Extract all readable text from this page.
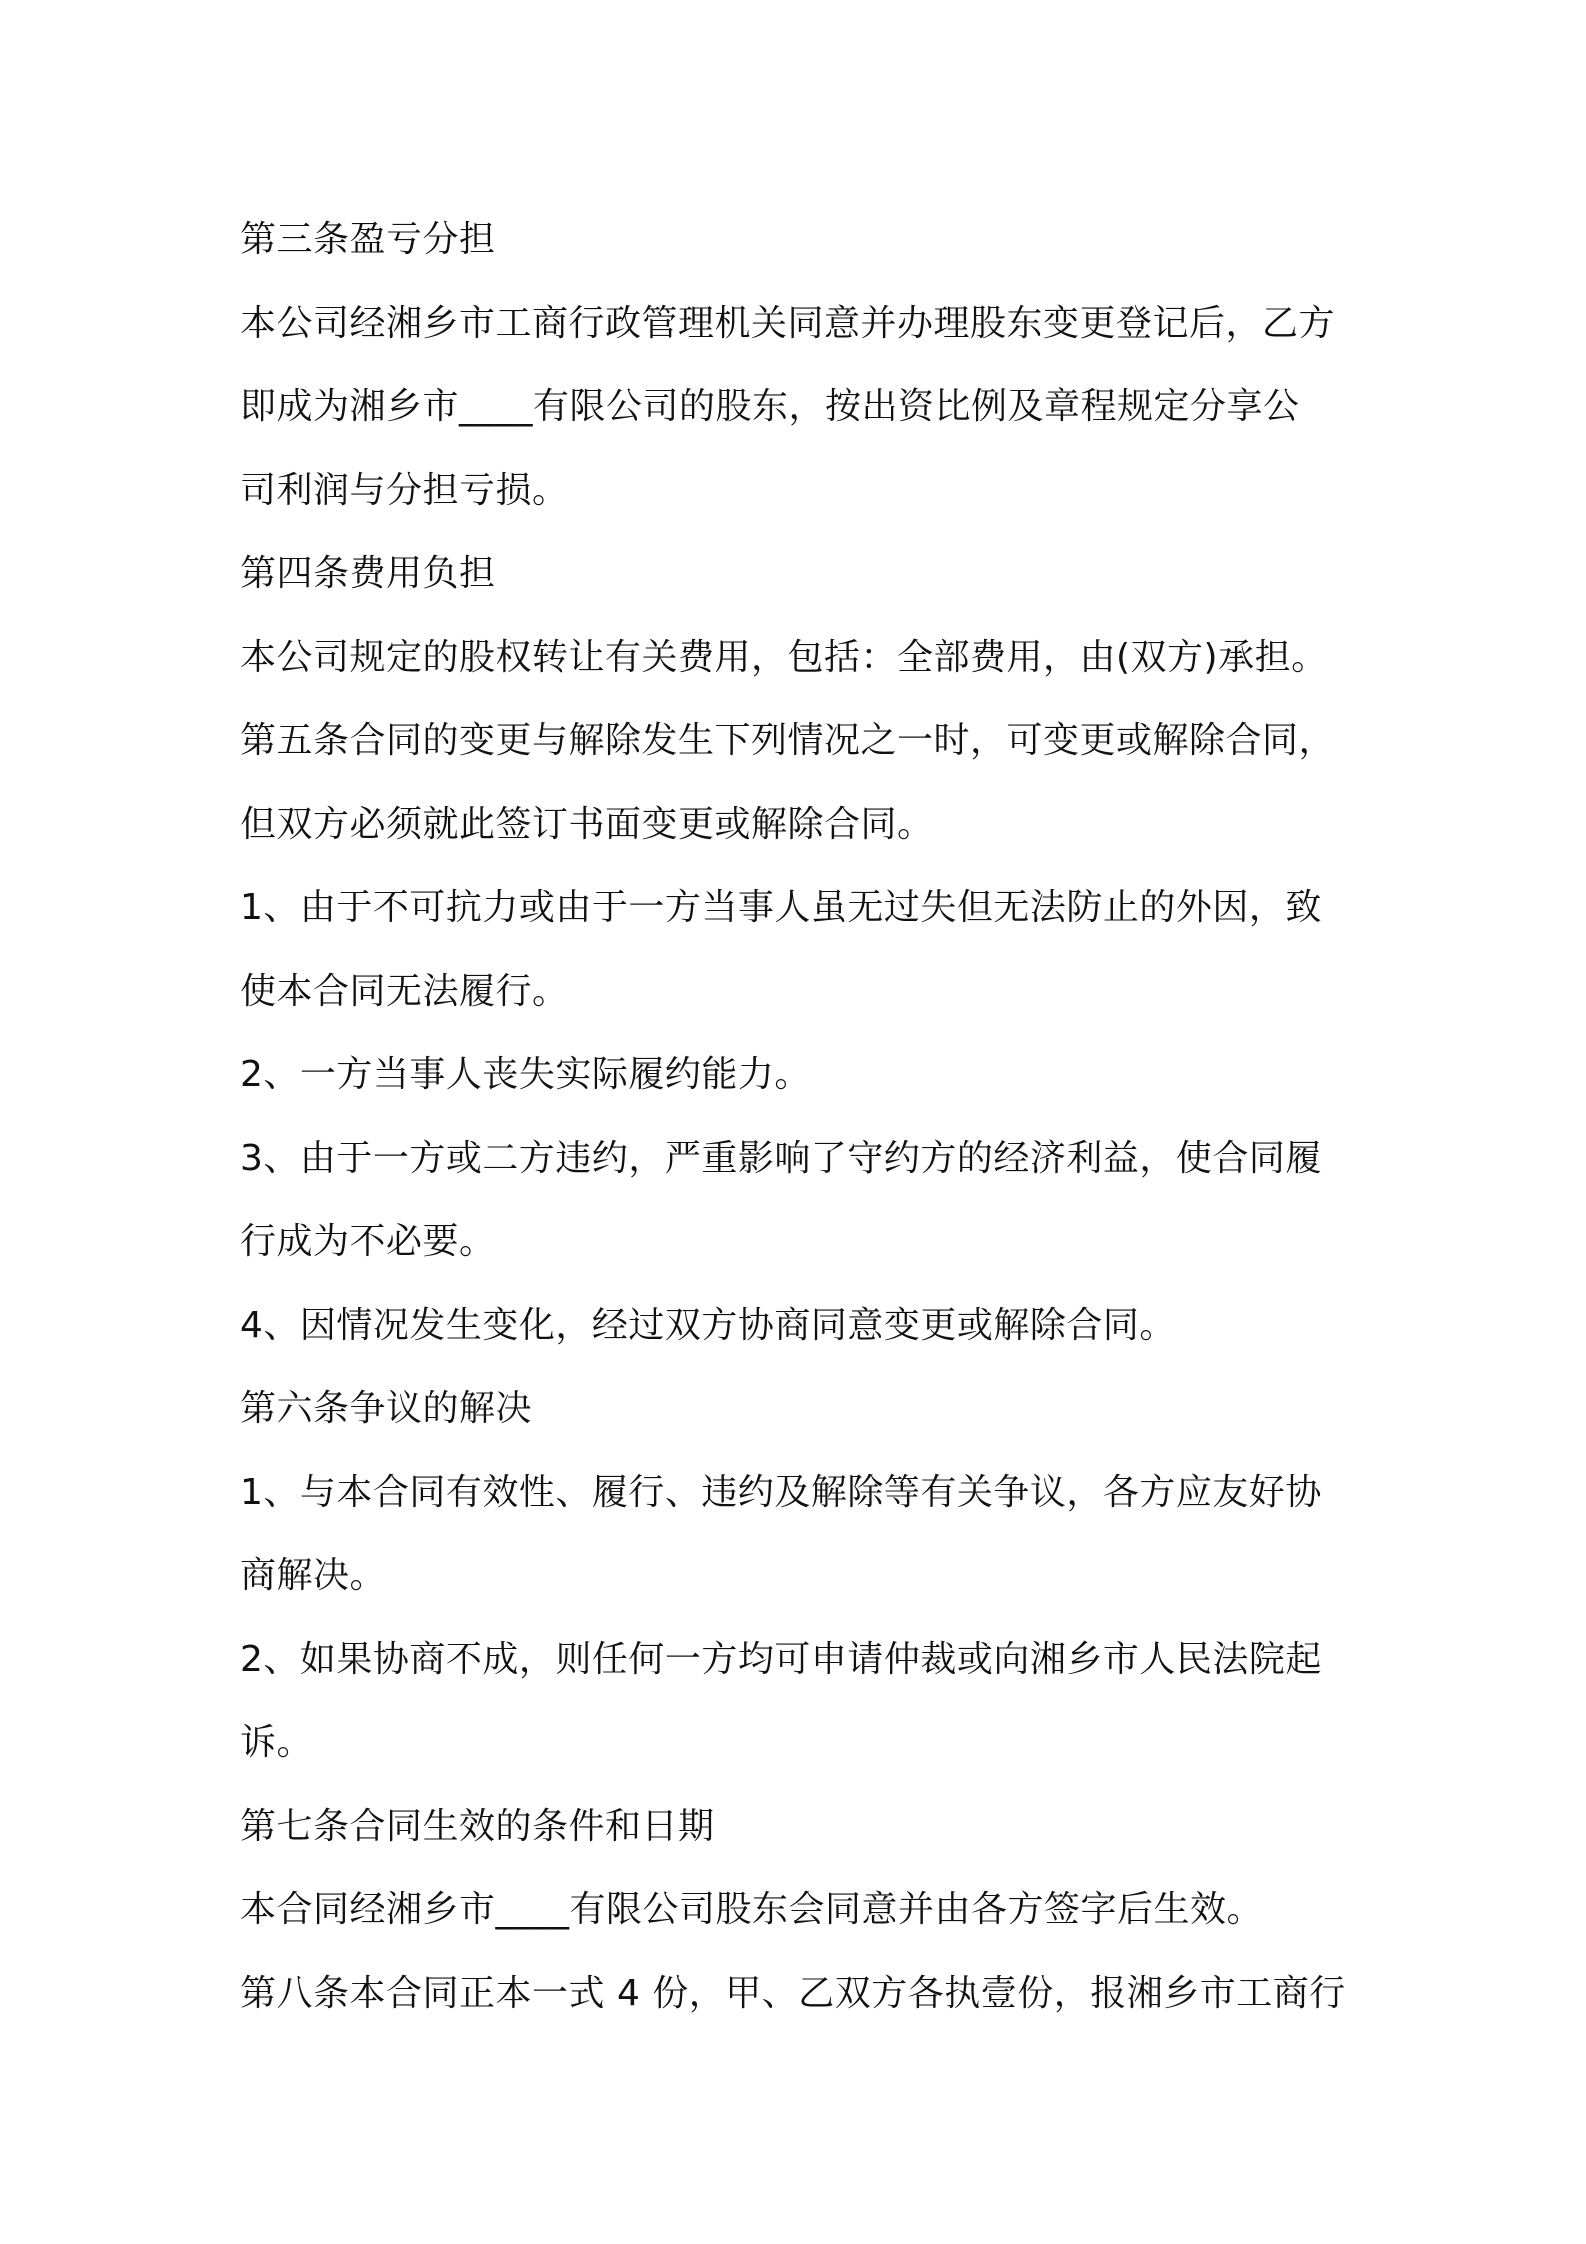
第三条盈亏分担
本公司经湘乡市工商行政管理机关同意并办理股东变更登记后，乙方
即成为湘乡市____有限公司的股东，按出资比例及章程规定分享公
司利润与分担亏损。
第四条费用负担
本公司规定的股权转让有关费用，包括：全部费用，由(双方)承担。
第五条合同的变更与解除发生下列情况之一时，可变更或解除合同，
但双方必须就此签订书面变更或解除合同。
1、由于不可抗力或由于一方当事人虽无过失但无法防止的外因，致
使本合同无法履行。
2、一方当事人丧失实际履约能力。
3、由于一方或二方违约，严重影响了守约方的经济利益，使合同履
行成为不必要。
4、因情况发生变化，经过双方协商同意变更或解除合同。
第六条争议的解决
1、与本合同有效性、履行、违约及解除等有关争议，各方应友好协
商解决。
2、如果协商不成，则任何一方均可申请仲裁或向湘乡市人民法院起
诉。
第七条合同生效的条件和日期
本合同经湘乡市____有限公司股东会同意并由各方签字后生效。
第八条本合同正本一式 4 份，甲、乙双方各执壹份，报湘乡市工商行
